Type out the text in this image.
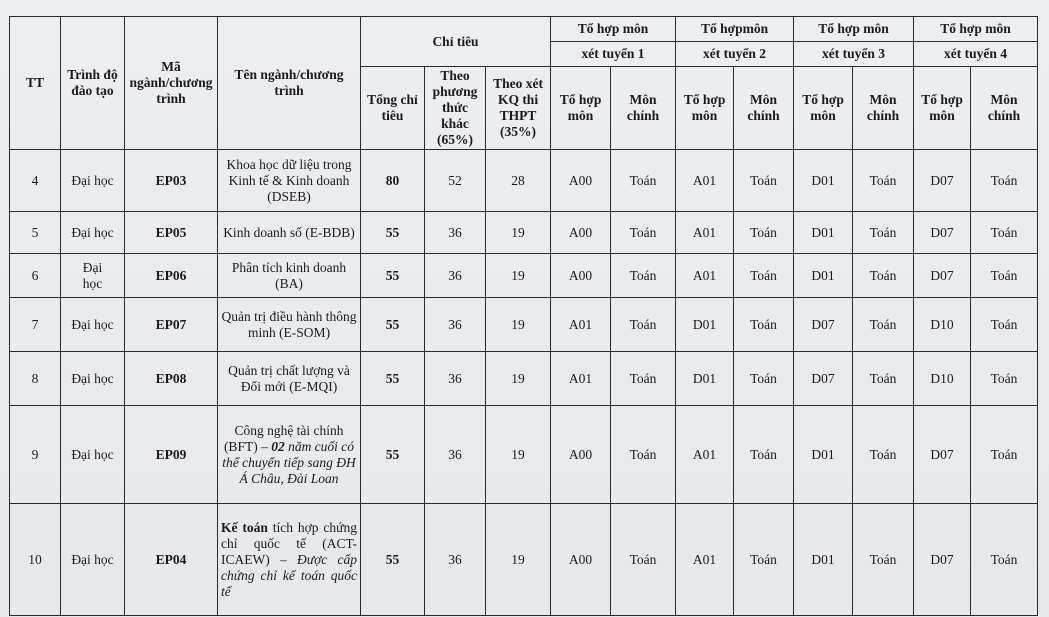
TT	Trình độ đào tạo	Mã ngành/chương trình	Tên ngành/chương trình	Chỉ tiêu			Tổ hợp môn		Tổ hợpmôn		Tổ hợp môn		Tổ hợp môn	
							xét tuyển 1		xét tuyển 2		xét tuyển 3		xét tuyển 4	
				Tổng chỉ tiêu	Theo phương thức khác (65%)	Theo xét KQ thi THPT (35%)	Tổ hợp môn	Môn chính	Tổ hợp môn	Môn chính	Tổ hợp môn	Môn chính	Tổ hợp môn	Môn chính
4	Đại học	EP03	Khoa học dữ liệu trong Kinh tế & Kinh doanh (DSEB)	80	52	28	A00	Toán	A01	Toán	D01	Toán	D07	Toán
5	Đại học	EP05	Kinh doanh số (E-BDB)	55	36	19	A00	Toán	A01	Toán	D01	Toán	D07	Toán
6	Đại học	EP06	Phân tích kinh doanh (BA)	55	36	19	A00	Toán	A01	Toán	D01	Toán	D07	Toán
7	Đại học	EP07	Quản trị điều hành thông minh (E-SOM)	55	36	19	A01	Toán	D01	Toán	D07	Toán	D10	Toán
8	Đại học	EP08	Quản trị chất lượng và Đổi mới (E-MQI)	55	36	19	A01	Toán	D01	Toán	D07	Toán	D10	Toán
9	Đại học	EP09	Công nghệ tài chính (BFT) – 02 năm cuối có thể chuyển tiếp sang ĐH Á Châu, Đài Loan	55	36	19	A00	Toán	A01	Toán	D01	Toán	D07	Toán
10	Đại học	EP04	Kế toán tích hợp chứng chỉ quốc tế (ACT-ICAEW) – Được cấp chứng chỉ kế toán quốc tế	55	36	19	A00	Toán	A01	Toán	D01	Toán	D07	Toán
